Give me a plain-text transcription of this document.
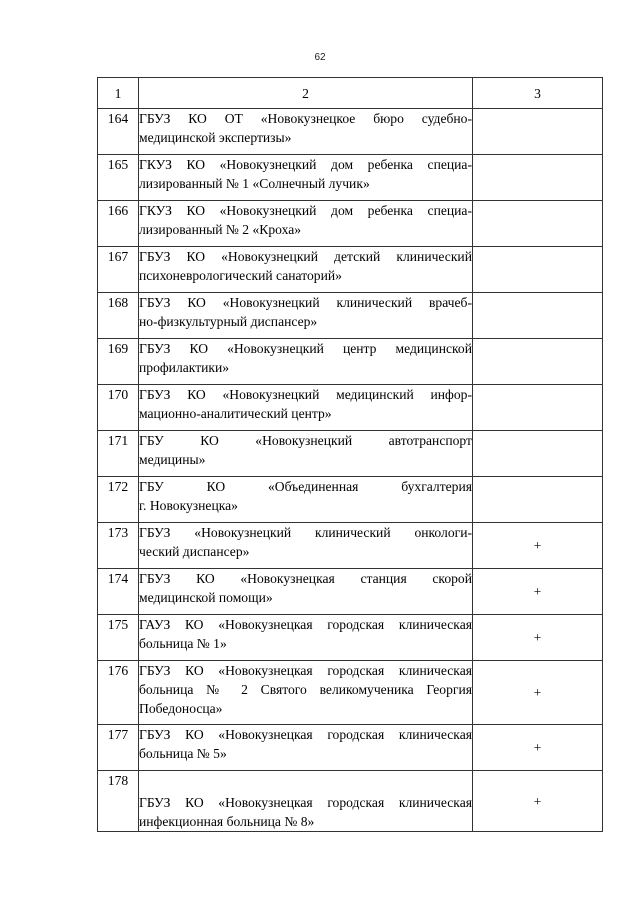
62
1	2	3
164	ГБУЗ КО ОТ «Новокузнецкое бюро судебно-
медицинской экспертизы»	

165	ГКУЗ КО «Новокузнецкий дом ребенка специа-
лизированный № 1 «Солнечный лучик»	

166	ГКУЗ КО «Новокузнецкий дом ребенка специа-
лизированный № 2 «Кроха»	

167	ГБУЗ КО «Новокузнецкий детский клинический
психоневрологический санаторий»	

168	ГБУЗ КО «Новокузнецкий клинический врачеб-
но-физкультурный диспансер»	

169	ГБУЗ КО «Новокузнецкий центр медицинской
профилактики»	

170	ГБУЗ КО «Новокузнецкий медицинский инфор-
мационно-аналитический центр»	

171	ГБУ КО «Новокузнецкий автотранспорт
медицины»	

172	ГБУ КО «Объединенная бухгалтерия
г. Новокузнецка»	

173	ГБУЗ «Новокузнецкий клинический онкологи-
ческий диспансер»	+
174	ГБУЗ КО «Новокузнецкая станция скорой
медицинской помощи»	+
175	ГАУЗ КО «Новокузнецкая городская клиническая
больница № 1»	+
176	ГБУЗ КО «Новокузнецкая городская клиническая
больница № 2 Святого великомученика Георгия
Победоносца»	+
177	ГБУЗ КО «Новокузнецкая городская клиническая
больница № 5»	+
178	ГБУЗ КО «Новокузнецкая городская клиническая
инфекционная больница № 8»	+
